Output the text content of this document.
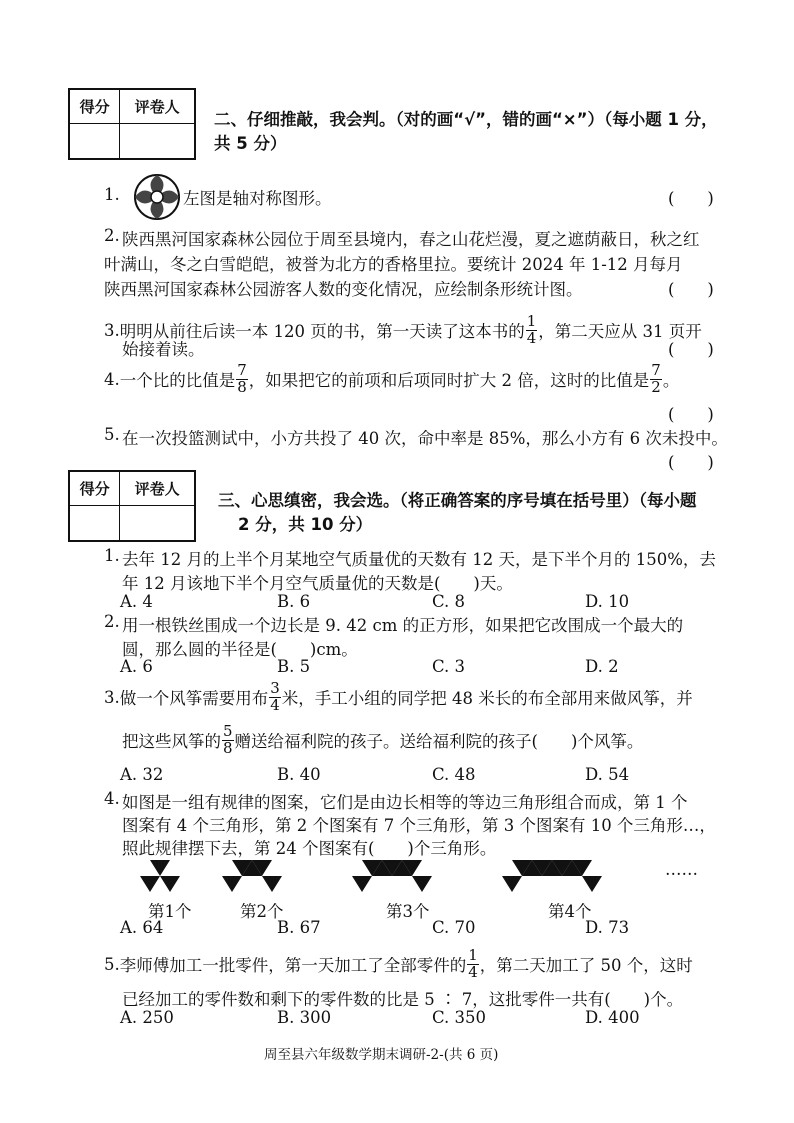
得分	评卷人

二、仔细推敲，我会判。（对的画“√”，错的画“×”）（每小题 1 分，
共 5 分）
1.	左图是轴对称图形。	(　　)
2. 陕西黑河国家森林公园位于周至县境内，春之山花烂漫，夏之遮荫蔽日，秋之红
叶满山，冬之白雪皑皑，被誉为北方的香格里拉。要统计 2024 年 1-12 月每月
陕西黑河国家森林公园游客人数的变化情况，应绘制条形统计图。	(　　)
3. 明明从前往后读一本 120 页的书，第一天读了这本书的 $\frac{1}{4}$ ，第二天应从 31 页开
始接着读。	(　　)
4. 一个比的比值是 $\frac{7}{8}$ ，如果把它的前项和后项同时扩大 2 倍，这时的比值是 $\frac{7}{2}$ 。
(　　)
5. 在一次投篮测试中，小方共投了 40 次，命中率是 85%，那么小方有 6 次未投中。
(　　)
得分	评卷人

三、心思缜密，我会选。（将正确答案的序号填在括号里）（每小题
2 分，共 10 分）
1. 去年 12 月的上半个月某地空气质量优的天数有 12 天，是下半个月的 150%，去
年 12 月该地下半个月空气质量优的天数是(　　)天。
A. 4	B. 6	C. 8	D. 10
2. 用一根铁丝围成一个边长是 9. 42 cm 的正方形，如果把它改围成一个最大的
圆，那么圆的半径是(　　)cm。
A. 6	B. 5	C. 3	D. 2
3. 做一个风筝需要用布 $\frac{3}{4}$ 米，手工小组的同学把 48 米长的布全部用来做风筝，并
把这些风筝的 $\frac{5}{8}$ 赠送给福利院的孩子。送给福利院的孩子(　　)个风筝。
A. 32	B. 40	C. 48	D. 54
4. 如图是一组有规律的图案，它们是由边长相等的等边三角形组合而成，第 1 个
图案有 4 个三角形，第 2 个图案有 7 个三角形，第 3 个图案有 10 个三角形…，
照此规律摆下去，第 24 个图案有(　　)个三角形。
……
第1个	第2个	第3个	第4个
A. 64	B. 67	C. 70	D. 73
5. 李师傅加工一批零件，第一天加工了全部零件的 $\frac{1}{4}$ ，第二天加工了 50 个，这时
已经加工的零件数和剩下的零件数的比是 5 ∶ 7，这批零件一共有(　　)个。
A. 250	B. 300	C. 350	D. 400
周至县六年级数学期末调研-2-(共 6 页)
